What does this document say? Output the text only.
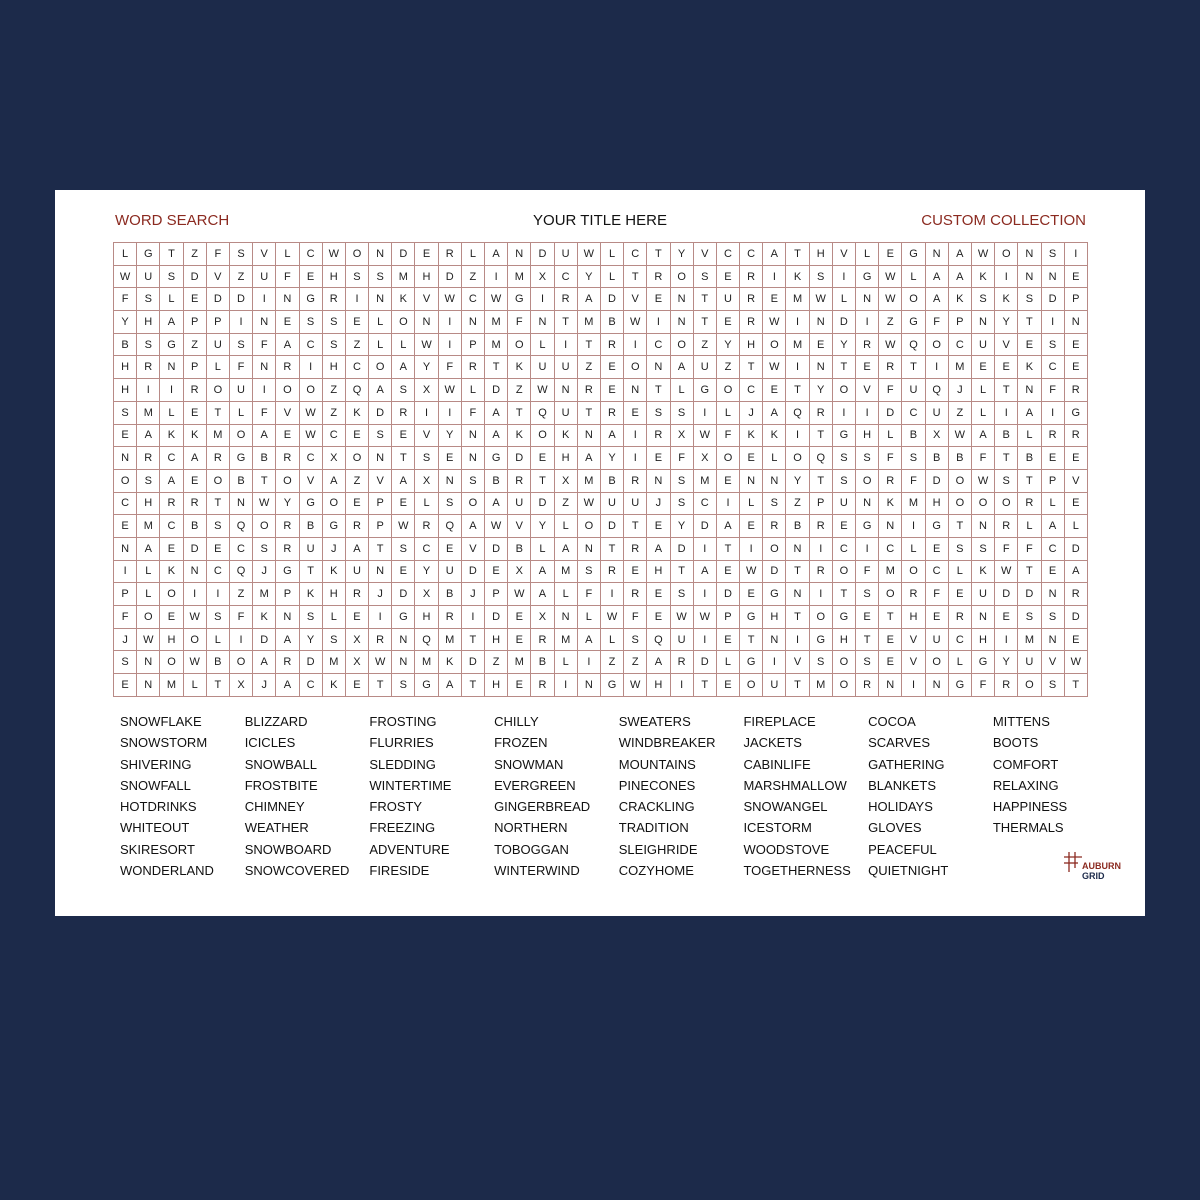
WORD SEARCH	YOUR TITLE HERE	CUSTOM COLLECTION
L	G	T	Z	F	S	V	L	C	W	O	N	D	E	R	L	A	N	D	U	W	L	C	T	Y	V	C	C	A	T	H	V	L	E	G	N	A	W	O	N	S	I
W	U	S	D	V	Z	U	F	E	H	S	S	M	H	D	Z	I	M	X	C	Y	L	T	R	O	S	E	R	I	K	S	I	G	W	L	A	A	K	I	N	N	E
F	S	L	E	D	D	I	N	G	R	I	N	K	V	W	C	W	G	I	R	A	D	V	E	N	T	U	R	E	M	W	L	N	W	O	A	K	S	K	S	D	P
Y	H	A	P	P	I	N	E	S	S	E	L	O	N	I	N	M	F	N	T	M	B	W	I	N	T	E	R	W	I	N	D	I	Z	G	F	P	N	Y	T	I	N
B	S	G	Z	U	S	F	A	C	S	Z	L	L	W	I	P	M	O	L	I	T	R	I	C	O	Z	Y	H	O	M	E	Y	R	W	Q	O	C	U	V	E	S	E
H	R	N	P	L	F	N	R	I	H	C	O	A	Y	F	R	T	K	U	U	Z	E	O	N	A	U	Z	T	W	I	N	T	E	R	T	I	M	E	E	K	C	E
H	I	I	R	O	U	I	O	O	Z	Q	A	S	X	W	L	D	Z	W	N	R	E	N	T	L	G	O	C	E	T	Y	O	V	F	U	Q	J	L	T	N	F	R
S	M	L	E	T	L	F	V	W	Z	K	D	R	I	I	F	A	T	Q	U	T	R	E	S	S	I	L	J	A	Q	R	I	I	D	C	U	Z	L	I	A	I	G
E	A	K	K	M	O	A	E	W	C	E	S	E	V	Y	N	A	K	O	K	N	A	I	R	X	W	F	K	K	I	T	G	H	L	B	X	W	A	B	L	R	R
N	R	C	A	R	G	B	R	C	X	O	N	T	S	E	N	G	D	E	H	A	Y	I	E	F	X	O	E	L	O	Q	S	S	F	S	B	B	F	T	B	E	E
O	S	A	E	O	B	T	O	V	A	Z	V	A	X	N	S	B	R	T	X	M	B	R	N	S	M	E	N	N	Y	T	S	O	R	F	D	O	W	S	T	P	V
C	H	R	R	T	N	W	Y	G	O	E	P	E	L	S	O	A	U	D	Z	W	U	U	J	S	C	I	L	S	Z	P	U	N	K	M	H	O	O	O	R	L	E
E	M	C	B	S	Q	O	R	B	G	R	P	W	R	Q	A	W	V	Y	L	O	D	T	E	Y	D	A	E	R	B	R	E	G	N	I	G	T	N	R	L	A	L
N	A	E	D	E	C	S	R	U	J	A	T	S	C	E	V	D	B	L	A	N	T	R	A	D	I	T	I	O	N	I	C	I	C	L	E	S	S	F	F	C	D
I	L	K	N	C	Q	J	G	T	K	U	N	E	Y	U	D	E	X	A	M	S	R	E	H	T	A	E	W	D	T	R	O	F	M	O	C	L	K	W	T	E	A
P	L	O	I	I	Z	M	P	K	H	R	J	D	X	B	J	P	W	A	L	F	I	R	E	S	I	D	E	G	N	I	T	S	O	R	F	E	U	D	D	N	R
F	O	E	W	S	F	K	N	S	L	E	I	G	H	R	I	D	E	X	N	L	W	F	E	W	W	P	G	H	T	O	G	E	T	H	E	R	N	E	S	S	D
J	W	H	O	L	I	D	A	Y	S	X	R	N	Q	M	T	H	E	R	M	A	L	S	Q	U	I	E	T	N	I	G	H	T	E	V	U	C	H	I	M	N	E
S	N	O	W	B	O	A	R	D	M	X	W	N	M	K	D	Z	M	B	L	I	Z	Z	A	R	D	L	G	I	V	S	O	S	E	V	O	L	G	Y	U	V	W
E	N	M	L	T	X	J	A	C	K	E	T	S	G	A	T	H	E	R	I	N	G	W	H	I	T	E	O	U	T	M	O	R	N	I	N	G	F	R	O	S	T
SNOWFLAKE
SNOWSTORM
SHIVERING
SNOWFALL
HOTDRINKS
WHITEOUT
SKIRESORT
WONDERLAND
BLIZZARD
ICICLES
SNOWBALL
FROSTBITE
CHIMNEY
WEATHER
SNOWBOARD
SNOWCOVERED
FROSTING
FLURRIES
SLEDDING
WINTERTIME
FROSTY
FREEZING
ADVENTURE
FIRESIDE
CHILLY
FROZEN
SNOWMAN
EVERGREEN
GINGERBREAD
NORTHERN
TOBOGGAN
WINTERWIND
SWEATERS
WINDBREAKER
MOUNTAINS
PINECONES
CRACKLING
TRADITION
SLEIGHRIDE
COZYHOME
FIREPLACE
JACKETS
CABINLIFE
MARSHMALLOW
SNOWANGEL
ICESTORM
WOODSTOVE
TOGETHERNESS
COCOA
SCARVES
GATHERING
BLANKETS
HOLIDAYS
GLOVES
PEACEFUL
QUIETNIGHT
MITTENS
BOOTS
COMFORT
RELAXING
HAPPINESS
THERMALS
AUBURN
GRID
